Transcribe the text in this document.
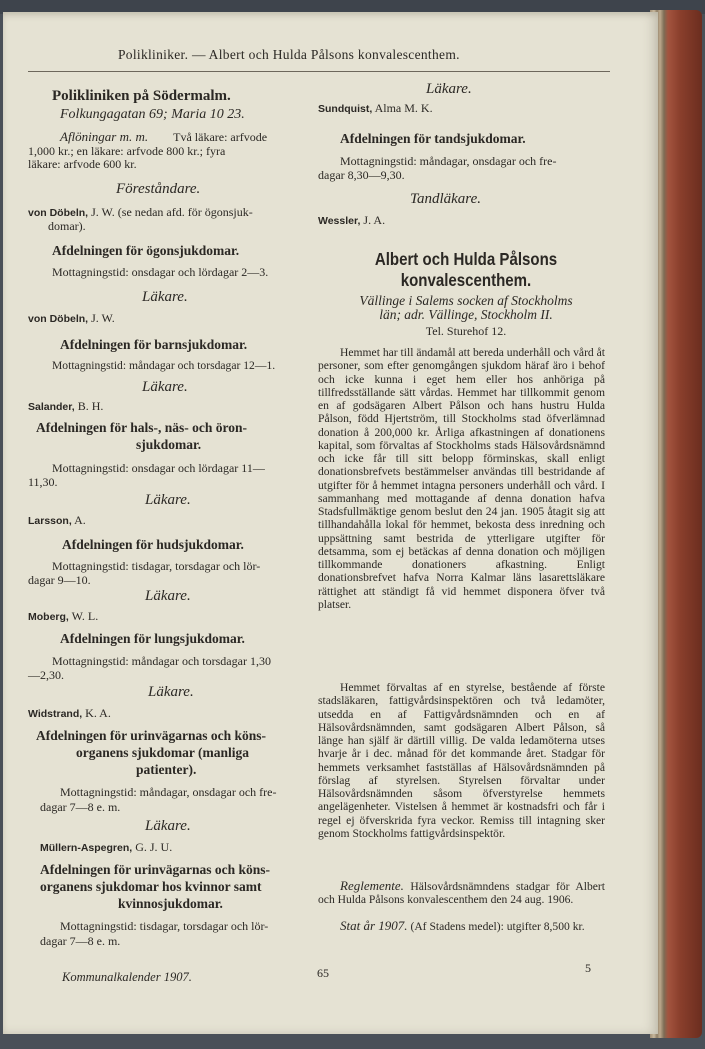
Polikliniker. — Albert och Hulda Pålsons konvalescenthem.
Polikliniken på Södermalm.
Folkungagatan 69; Maria 10 23.
Aflöningar m. m. Två läkare: arfvode
1,000 kr.; en läkare: arfvode 800 kr.; fyra
läkare: arfvode 600 kr.
Föreståndare.
von Döbeln, J. W. (se nedan afd. för ögonsjuk-
domar).
Afdelningen för ögonsjukdomar.
Mottagningstid: onsdagar och lördagar 2—3.
Läkare.
von Döbeln, J. W.
Afdelningen för barnsjukdomar.
Mottagningstid: måndagar och torsdagar 12—1.
Läkare.
Salander, B. H.
Afdelningen för hals-, näs- och öron-
sjukdomar.
Mottagningstid: onsdagar och lördagar 11—
11,30.
Läkare.
Larsson, A.
Afdelningen för hudsjukdomar.
Mottagningstid: tisdagar, torsdagar och lör-
dagar 9—10.
Läkare.
Moberg, W. L.
Afdelningen för lungsjukdomar.
Mottagningstid: måndagar och torsdagar 1,30
—2,30.
Läkare.
Widstrand, K. A.
Afdelningen för urinvägarnas och köns-
organens sjukdomar (manliga
patienter).
Mottagningstid: måndagar, onsdagar och fre-
dagar 7—8 e. m.
Läkare.
Müllern-Aspegren, G. J. U.
Afdelningen för urinvägarnas och köns-
organens sjukdomar hos kvinnor samt
kvinnosjukdomar.
Mottagningstid: tisdagar, torsdagar och lör-
dagar 7—8 e. m.
Läkare.
Sundquist, Alma M. K.
Afdelningen för tandsjukdomar.
Mottagningstid: måndagar, onsdagar och fre-
dagar 8,30—9,30.
Tandläkare.
Wessler, J. A.
Albert och Hulda Pålsons
konvalescenthem.
Vällinge i Salems socken af Stockholms
län; adr. Vällinge, Stockholm II.
Tel. Sturehof 12.
Hemmet har till ändamål att bereda underhåll och vård åt personer, som efter genomgången sjukdom häraf äro i behof och icke kunna i eget hem eller hos anhöriga på tillfredsställande sätt vårdas. Hemmet har tillkommit genom en af godsägaren Albert Pålson och hans hustru Hulda Pålson, född Hjertström, till Stockholms stad öfverlämnad donation å 200,000 kr. Årliga afkastningen af donationens kapital, som förvaltas af Stockholms stads Hälsovårdsnämnd och icke får till sitt belopp förminskas, skall enligt donationsbrefvets bestämmelser användas till bestridande af utgifter för å hemmet intagna personers underhåll och vård. I sammanhang med mottagande af denna donation hafva Stadsfullmäktige genom beslut den 24 jan. 1905 åtagit sig att tillhandahålla lokal för hemmet, bekosta dess inredning och uppsättning samt bestrida de ytterligare utgifter för detsamma, som ej betäckas af denna donation och möjligen tillkommande donationers afkastning. Enligt donationsbrefvet hafva Norra Kalmar läns lasarettsläkare rättighet att ständigt få vid hemmet disponera öfver två platser.
Hemmet förvaltas af en styrelse, bestående af förste stadsläkaren, fattigvårdsinspektören och två ledamöter, utsedda en af Fattigvårdsnämnden och en af Hälsovårdsnämnden, samt godsägaren Albert Pålson, så länge han själf är därtill villig. De valda ledamöterna utses hvarje år i dec. månad för det kommande året. Stadgar för hemmets verksamhet fastställas af Hälsovårdsnämnden på förslag af styrelsen. Styrelsen förvaltar under Hälsovårdsnämnden såsom öfverstyrelse hemmets angelägenheter. Vistelsen å hemmet är kostnadsfri och får i regel ej öfverskrida fyra veckor. Remiss till intagning sker genom Stockholms fattigvårdsinspektör.
Reglemente. Hälsovårdsnämndens stadgar för Albert och Hulda Pålsons konvalescenthem den 24 aug. 1906.
Stat år 1907. (Af Stadens medel): utgifter 8,500 kr.
Kommunalkalender 1907.	65	5
